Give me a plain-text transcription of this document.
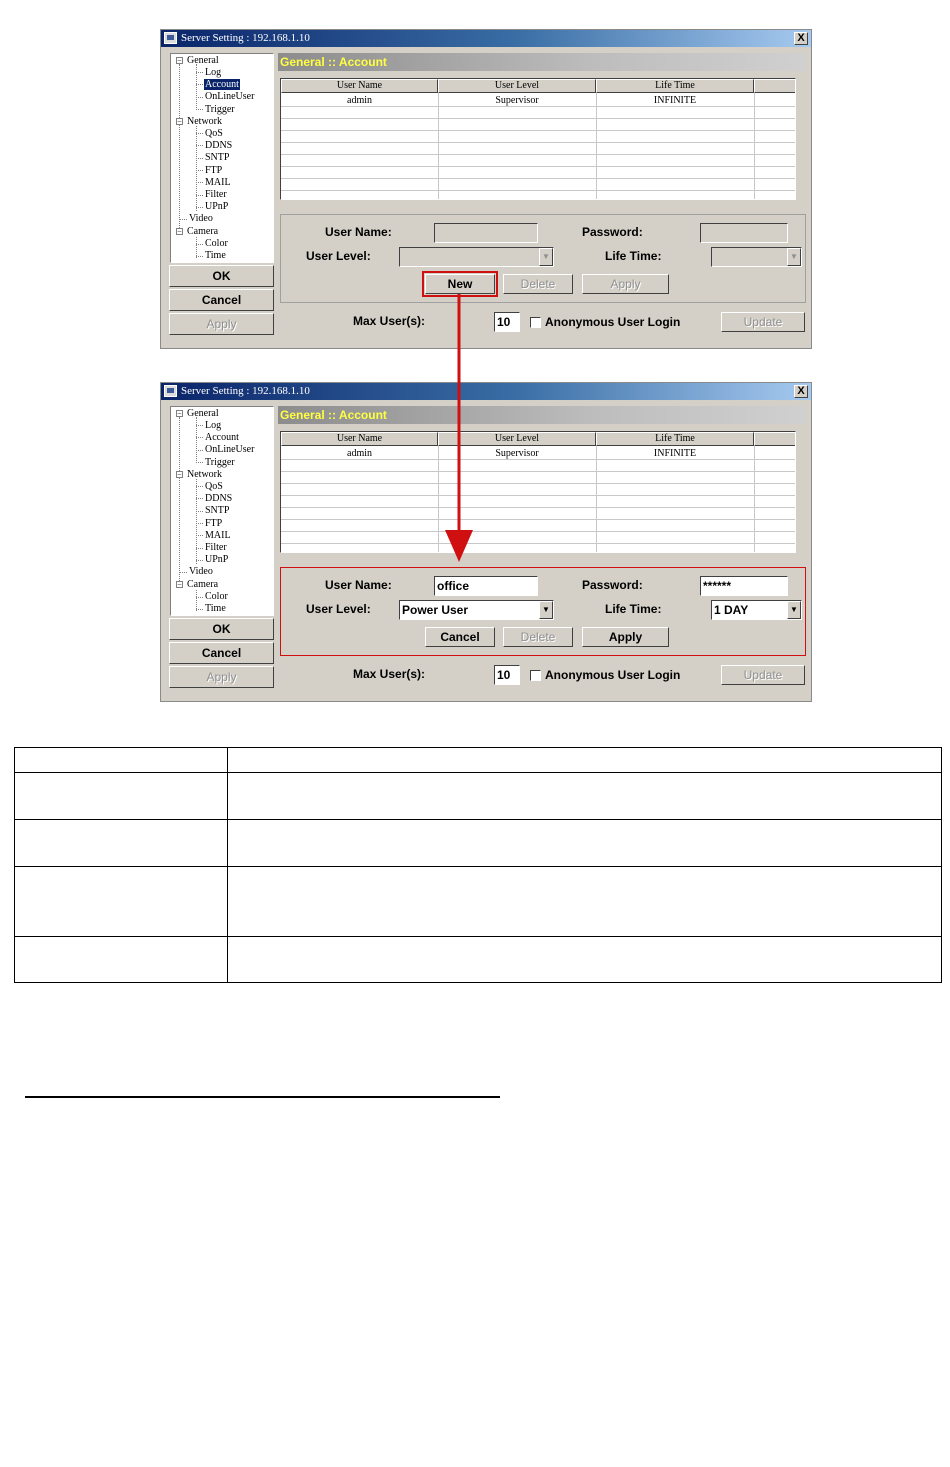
Server Setting : 192.168.1.10	X
− General
Log
Account
OnLineUser
Trigger
− Network
QoS
DDNS
SNTP
FTP
MAIL
Filter
UPnP
Video
− Camera
Color
Time
OK
Cancel
Apply
General :: Account
User Name	User Level	Life Time
admin	Supervisor	INFINITE
User Name:	Password:
User Level:	▼	Life Time:	▼
New	Delete	Apply
Max User(s):	10	Anonymous User Login	Update
Server Setting : 192.168.1.10	X
− General
Log
Account
OnLineUser
Trigger
− Network
QoS
DDNS
SNTP
FTP
MAIL
Filter
UPnP
Video
− Camera
Color
Time
OK
Cancel
Apply
General :: Account
User Name	User Level	Life Time
admin	Supervisor	INFINITE
User Name:	office	Password:	******
User Level:	Power User	▼	Life Time:	1 DAY	▼
Cancel	Delete	Apply
Max User(s):	10	Anonymous User Login	Update
